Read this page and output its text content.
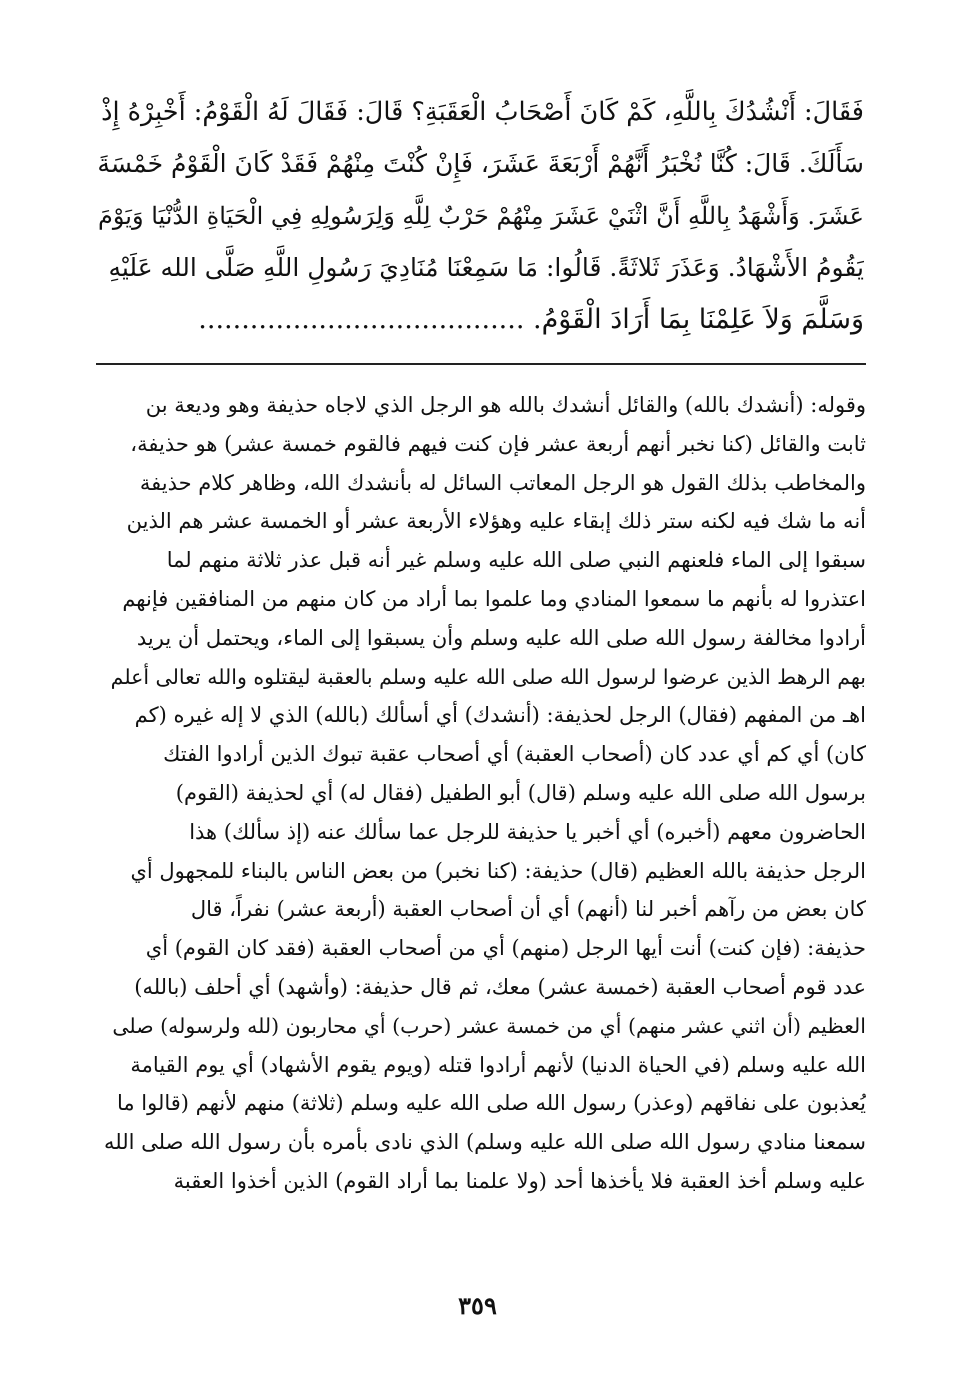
فَقَالَ: أَنْشُدُكَ بِاللَّهِ، كَمْ كَانَ أَصْحَابُ الْعَقَبَةِ؟ قَالَ: فَقَالَ لَهُ الْقَوْمُ: أَخْبِرْهُ إِذْ
سَأَلَكَ. قَالَ: كُنَّا نُخْبَرُ أَنَّهُمْ أَرْبَعَةَ عَشَرَ، فَإِنْ كُنْتَ مِنْهُمْ فَقَدْ كَانَ الْقَوْمُ خَمْسَةَ
عَشَرَ. وَأَشْهَدُ بِاللَّهِ أَنَّ اثْنَيْ عَشَرَ مِنْهُمْ حَرْبٌ لِلَّهِ وَلِرَسُولِهِ فِي الْحَيَاةِ الدُّنْيَا وَيَوْمَ
يَقُومُ الأَشْهَادُ. وَعَذَرَ ثَلاثَةً. قَالُوا: مَا سَمِعْنَا مُنَادِيَ رَسُولِ اللَّهِ صَلَّى الله عَلَيْهِ
وَسَلَّمَ وَلاَ عَلِمْنَا بِمَا أَرَادَ الْقَوْمُ. ......................................
وقوله: (أنشدك بالله) والقائل أنشدك بالله هو الرجل الذي لاجاه حذيفة وهو وديعة بن
ثابت والقائل (كنا نخبر أنهم أربعة عشر فإن كنت فيهم فالقوم خمسة عشر) هو حذيفة،
والمخاطب بذلك القول هو الرجل المعاتب السائل له بأنشدك الله، وظاهر كلام حذيفة
أنه ما شك فيه لكنه ستر ذلك إبقاء عليه وهؤلاء الأربعة عشر أو الخمسة عشر هم الذين
سبقوا إلى الماء فلعنهم النبي صلى الله عليه وسلم غير أنه قبل عذر ثلاثة منهم لما
اعتذروا له بأنهم ما سمعوا المنادي وما علموا بما أراد من كان منهم من المنافقين فإنهم
أرادوا مخالفة رسول الله صلى الله عليه وسلم وأن يسبقوا إلى الماء، ويحتمل أن يريد
بهم الرهط الذين عرضوا لرسول الله صلى الله عليه وسلم بالعقبة ليقتلوه والله تعالى أعلم
اهـ من المفهم (فقال) الرجل لحذيفة: (أنشدك) أي أسألك (بالله) الذي لا إله غيره (كم
كان) أي كم أي عدد كان (أصحاب العقبة) أي أصحاب عقبة تبوك الذين أرادوا الفتك
برسول الله صلى الله عليه وسلم (قال) أبو الطفيل (فقال له) أي لحذيفة (القوم)
الحاضرون معهم (أخبره) أي أخبر يا حذيفة للرجل عما سألك عنه (إذ سألك) هذا
الرجل حذيفة بالله العظيم (قال) حذيفة: (كنا نخبر) من بعض الناس بالبناء للمجهول أي
كان بعض من رآهم أخبر لنا (أنهم) أي أن أصحاب العقبة (أربعة عشر) نفراً، قال
حذيفة: (فإن كنت) أنت أيها الرجل (منهم) أي من أصحاب العقبة (فقد كان القوم) أي
عدد قوم أصحاب العقبة (خمسة عشر) معك، ثم قال حذيفة: (وأشهد) أي أحلف (بالله)
العظيم (أن اثني عشر منهم) أي من خمسة عشر (حرب) أي محاربون (لله ولرسوله) صلى
الله عليه وسلم (في الحياة الدنيا) لأنهم أرادوا قتله (ويوم يقوم الأشهاد) أي يوم القيامة
يُعذبون على نفاقهم (وعذر) رسول الله صلى الله عليه وسلم (ثلاثة) منهم لأنهم (قالوا ما
سمعنا منادي رسول الله صلى الله عليه وسلم) الذي نادى بأمره بأن رسول الله صلى الله
عليه وسلم أخذ العقبة فلا يأخذها أحد (ولا علمنا بما أراد القوم) الذين أخذوا العقبة
٣٥٩
